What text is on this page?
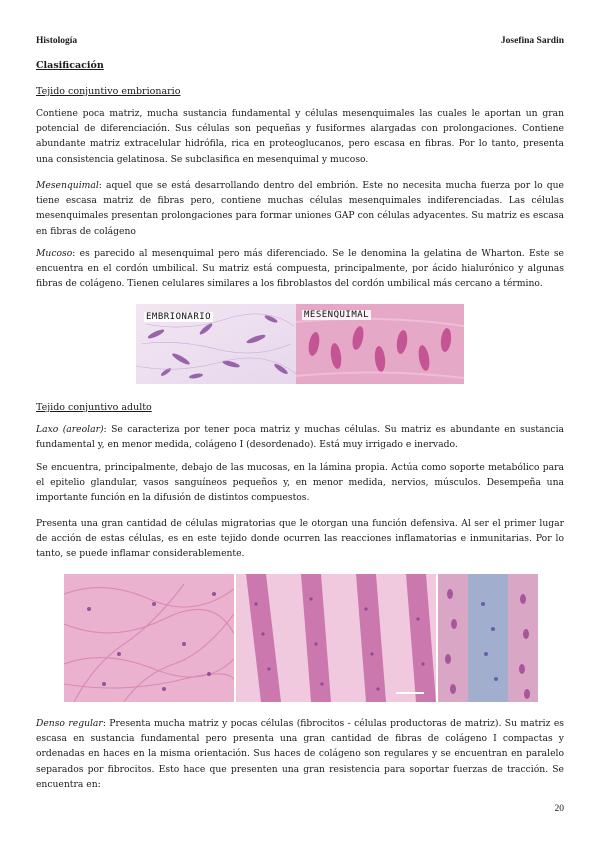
Histología	Josefina Sardin
Clasificación
Tejido conjuntivo embrionario
Contiene poca matriz, mucha sustancia fundamental y células mesenquimales las cuales le aportan un gran potencial de diferenciación. Sus células son pequeñas y fusiformes alargadas con prolongaciones. Contiene abundante matriz extracelular hidrófila, rica en proteoglucanos, pero escasa en fibras. Por lo tanto, presenta una consistencia gelatinosa. Se subclasifica en mesenquimal y mucoso.
Mesenquimal: aquel que se está desarrollando dentro del embrión. Este no necesita mucha fuerza por lo que tiene escasa matriz de fibras pero, contiene muchas células mesenquimales indiferenciadas. Las células mesenquimales presentan prolongaciones para formar uniones GAP con células adyacentes. Su matriz es escasa en fibras de colágeno
Mucoso: es parecido al mesenquimal pero más diferenciado. Se le denomina la gelatina de Wharton. Este se encuentra en el cordón umbilical. Su matriz está compuesta, principalmente, por ácido hialurónico y algunas fibras de colágeno. Tienen celulares similares a los fibroblastos del cordón umbilical más cercano a término.
EMBRIONARIO	MESENQUIMAL
Tejido conjuntivo adulto
Laxo (areolar): Se caracteriza por tener poca matriz y muchas células. Su matriz es abundante en sustancia fundamental y, en menor medida, colágeno I (desordenado). Está muy irrigado e inervado.
Se encuentra, principalmente, debajo de las mucosas, en la lámina propia. Actúa como soporte metabólico para el epitelio glandular, vasos sanguíneos pequeños y, en menor medida, nervios, músculos. Desempeña una importante función en la difusión de distintos compuestos.
Presenta una gran cantidad de células migratorias que le otorgan una función defensiva. Al ser el primer lugar de acción de estas células, es en este tejido donde ocurren las reacciones inflamatorias e inmunitarias. Por lo tanto, se puede inflamar considerablemente.
Denso regular: Presenta mucha matriz y pocas células (fibrocitos - células productoras de matriz). Su matriz es escasa en sustancia fundamental pero presenta una gran cantidad de fibras de colágeno I compactas y ordenadas en haces en la misma orientación. Sus haces de colágeno son regulares y se encuentran en paralelo separados por fibrocitos. Esto hace que presenten una gran resistencia para soportar fuerzas de tracción. Se encuentra en:
20
